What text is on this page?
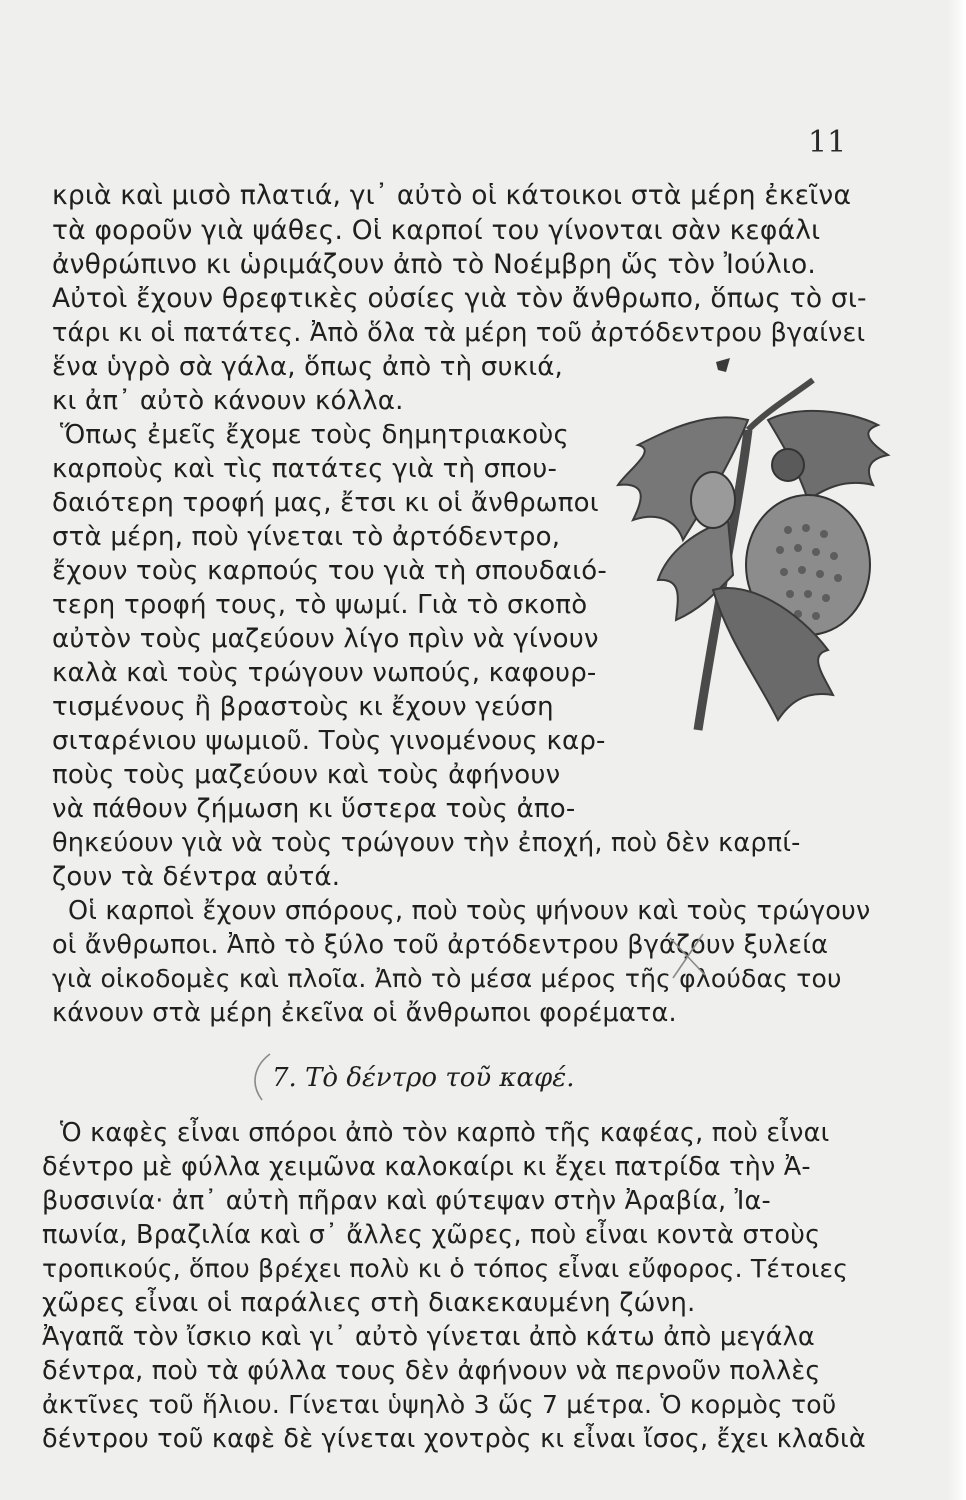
11

κριὰ καὶ μισὸ πλατιά, γι᾿ αὐτὸ οἱ κάτοικοι στὰ μέρη ἐκεῖνα

τὰ φοροῦν γιὰ ψάθες. Οἱ καρποί του γίνονται σὰν κεφάλι

ἀνθρώπινο κι ὡριμάζουν ἀπὸ τὸ Νοέμβρη ὥς τὸν Ἰούλιο.

Αὐτοὶ ἔχουν θρεφτικὲς οὐσίες γιὰ τὸν ἄνθρωπο, ὅπως τὸ σι-

τάρι κι οἱ πατάτες. Ἀπὸ ὅλα τὰ μέρη τοῦ ἀρτόδεντρου βγαίνει

ἕνα ὑγρὸ σὰ γάλα, ὅπως ἀπὸ τὴ συκιά,

κι ἀπ᾿ αὐτὸ κάνουν κόλλα.

Ὅπως ἐμεῖς ἔχομε τοὺς δημητριακοὺς

καρποὺς καὶ τὶς πατάτες γιὰ τὴ σπου-

δαιότερη τροφή μας, ἔτσι κι οἱ ἄνθρωποι

στὰ μέρη, ποὺ γίνεται τὸ ἀρτόδεντρο,

ἔχουν τοὺς καρπούς του γιὰ τὴ σπουδαιό-

τερη τροφή τους, τὸ ψωμί. Γιὰ τὸ σκοπὸ

αὐτὸν τοὺς μαζεύουν λίγο πρὶν νὰ γίνουν

καλὰ καὶ τοὺς τρώγουν νωπούς, καφουρ-

τισμένους ἢ βραστοὺς κι ἔχουν γεύση

σιταρένιου ψωμιοῦ. Τοὺς γινομένους καρ-

ποὺς τοὺς μαζεύουν καὶ τοὺς ἀφήνουν

νὰ πάθουν ζήμωση κι ὕστερα τοὺς ἀπο-

θηκεύουν γιὰ νὰ τοὺς τρώγουν τὴν ἐποχή, ποὺ δὲν καρπί-

ζουν τὰ δέντρα αὐτά.

Οἱ καρποὶ ἔχουν σπόρους, ποὺ τοὺς ψήνουν καὶ τοὺς τρώγουν

οἱ ἄνθρωποι. Ἀπὸ τὸ ξύλο τοῦ ἀρτόδεντρου βγάζουν ξυλεία

γιὰ οἰκοδομὲς καὶ πλοῖα. Ἀπὸ τὸ μέσα μέρος τῆς φλούδας του

κάνουν στὰ μέρη ἐκεῖνα οἱ ἄνθρωποι φορέματα.

7. Τὸ δέντρο τοῦ καφέ.

Ὁ καφὲς εἶναι σπόροι ἀπὸ τὸν καρπὸ τῆς καφέας, ποὺ εἶναι

δέντρο μὲ φύλλα χειμῶνα καλοκαίρι κι ἔχει πατρίδα τὴν Ἀ-

βυσσινία· ἀπ᾿ αὐτὴ πῆραν καὶ φύτεψαν στὴν Ἀραβία, Ἰα-

πωνία, Βραζιλία καὶ σ᾿ ἄλλες χῶρες, ποὺ εἶναι κοντὰ στοὺς

τροπικούς, ὅπου βρέχει πολὺ κι ὁ τόπος εἶναι εὔφορος. Τέτοιες

χῶρες εἶναι οἱ παράλιες στὴ διακεκαυμένη ζώνη.

Ἀγαπᾶ τὸν ἴσκιο καὶ γι᾿ αὐτὸ γίνεται ἀπὸ κάτω ἀπὸ μεγάλα

δέντρα, ποὺ τὰ φύλλα τους δὲν ἀφήνουν νὰ περνοῦν πολλὲς

ἀκτῖνες τοῦ ἥλιου. Γίνεται ὑψηλὸ 3 ὥς 7 μέτρα. Ὁ κορμὸς τοῦ

δέντρου τοῦ καφὲ δὲ γίνεται χοντρὸς κι εἶναι ἴσος, ἔχει κλαδιὰ
